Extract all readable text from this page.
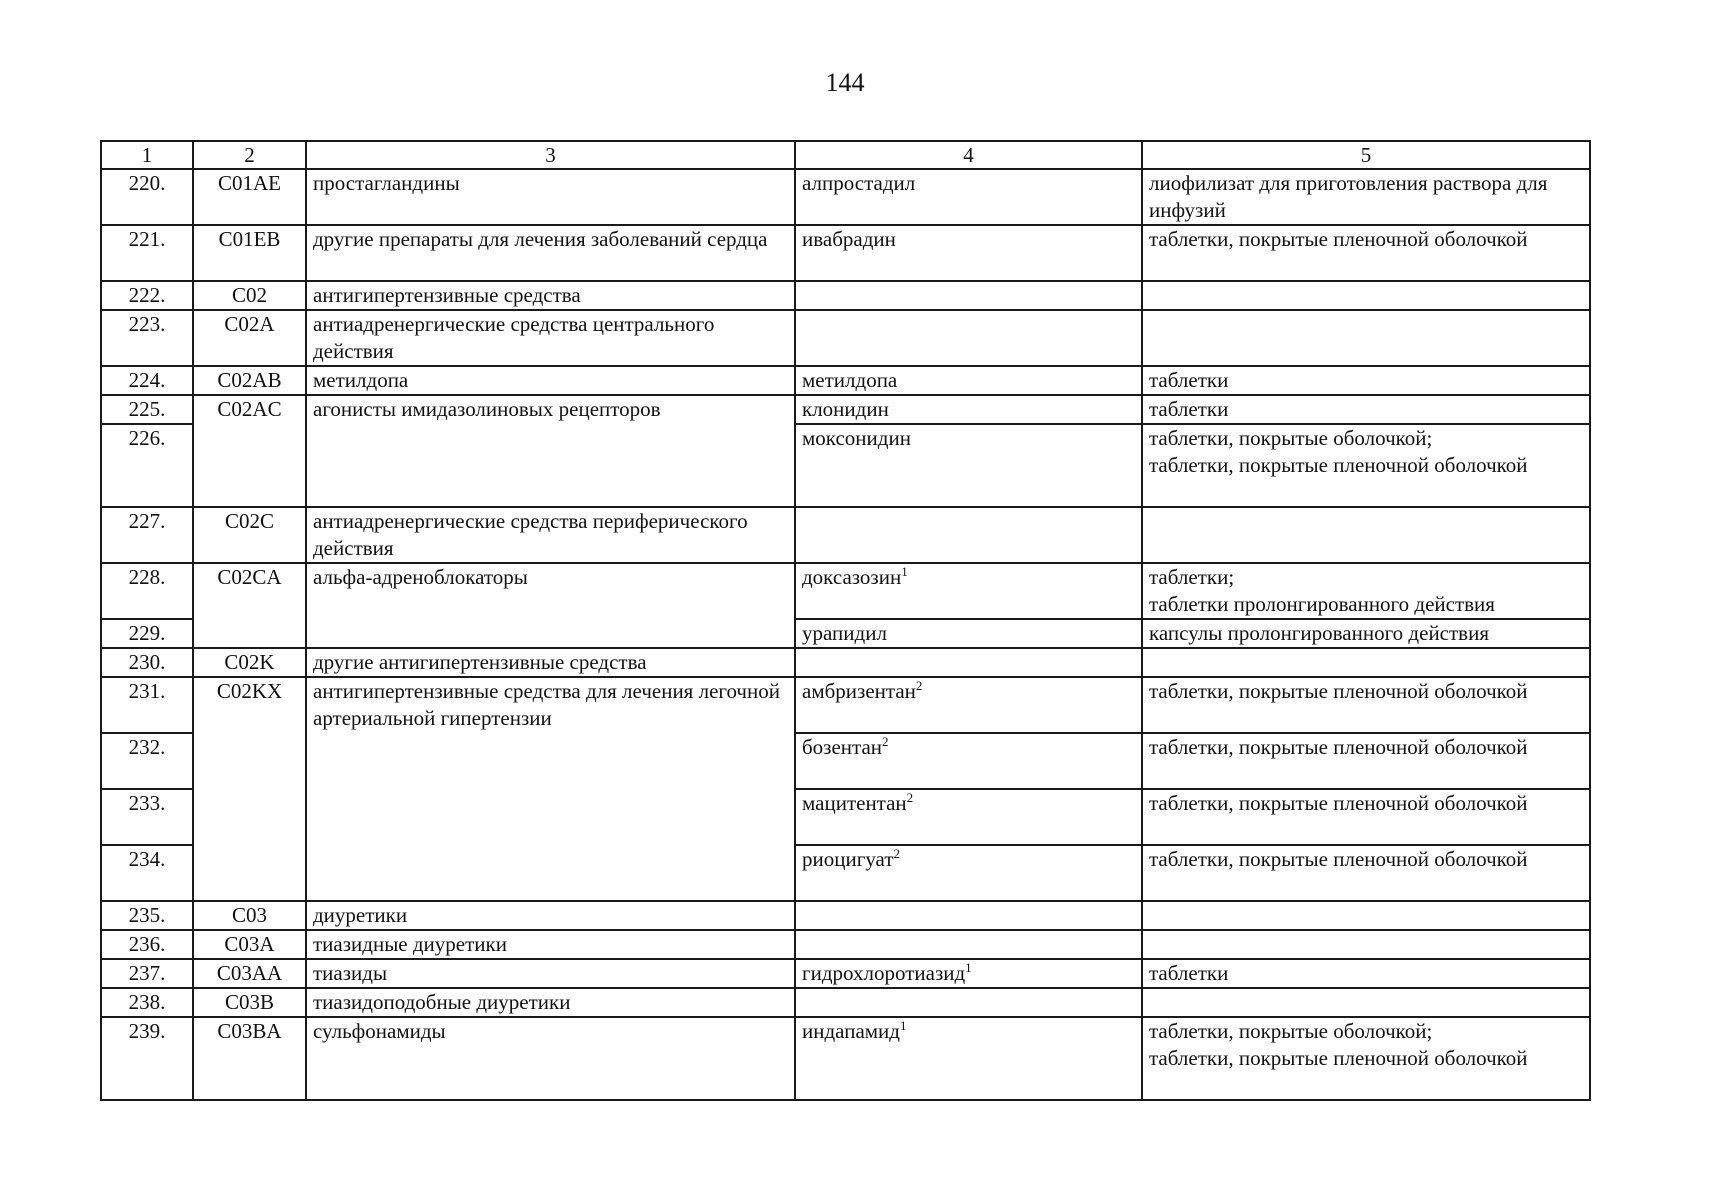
144
1	2	3	4	5
220.	C01AE	простагландины	алпростадил	лиофилизат для приготовления раствора для инфузий

221.	C01EB	другие препараты для лечения заболеваний сердца	ивабрадин	таблетки, покрытые пленочной оболочкой

222.	C02	антигипертензивные средства		
223.	C02A	антиадренергические средства центрального действия		
224.	C02AB	метилдопа	метилдопа	таблетки

225.	C02AC	агонисты имидазолиновых рецепторов	клонидин	таблетки

226.			моксонидин	таблетки, покрытые оболочкой;
таблетки, покрытые пленочной оболочкой

227.	C02C	антиадренергические средства периферического действия		
228.	C02CA	альфа-адреноблокаторы	доксазозин$^1$	таблетки;
таблетки пролонгированного действия

229.			урапидил	капсулы пролонгированного действия

230.	C02K	другие антигипертензивные средства		
231.	C02KX	антигипертензивные средства для лечения легочной артериальной гипертензии	амбризентан$^2$	таблетки, покрытые пленочной оболочкой

232.			бозентан$^2$	таблетки, покрытые пленочной оболочкой

233.			мацитентан$^2$	таблетки, покрытые пленочной оболочкой

234.			риоцигуат$^2$	таблетки, покрытые пленочной оболочкой

235.	C03	диуретики		
236.	C03A	тиазидные диуретики		
237.	C03AA	тиазиды	гидрохлоротиазид$^1$	таблетки

238.	C03B	тиазидоподобные диуретики		
239.	C03BA	сульфонамиды	индапамид$^1$	таблетки, покрытые оболочкой;
таблетки, покрытые пленочной оболочкой
